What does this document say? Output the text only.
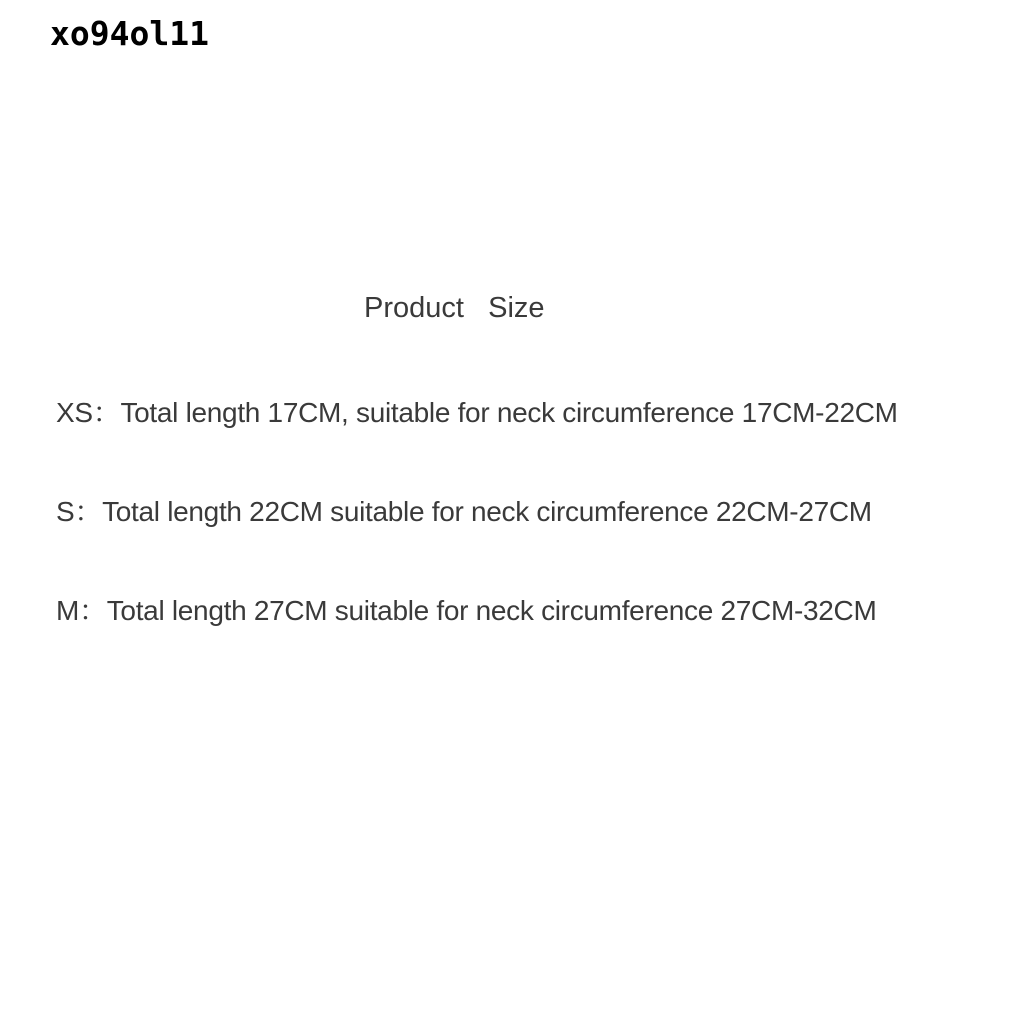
xo94ol11
Product   Size
XS：Total length 17CM, suitable for neck circumference 17CM-22CM
S：Total length 22CM suitable for neck circumference 22CM-27CM
M：Total length 27CM suitable for neck circumference 27CM-32CM
